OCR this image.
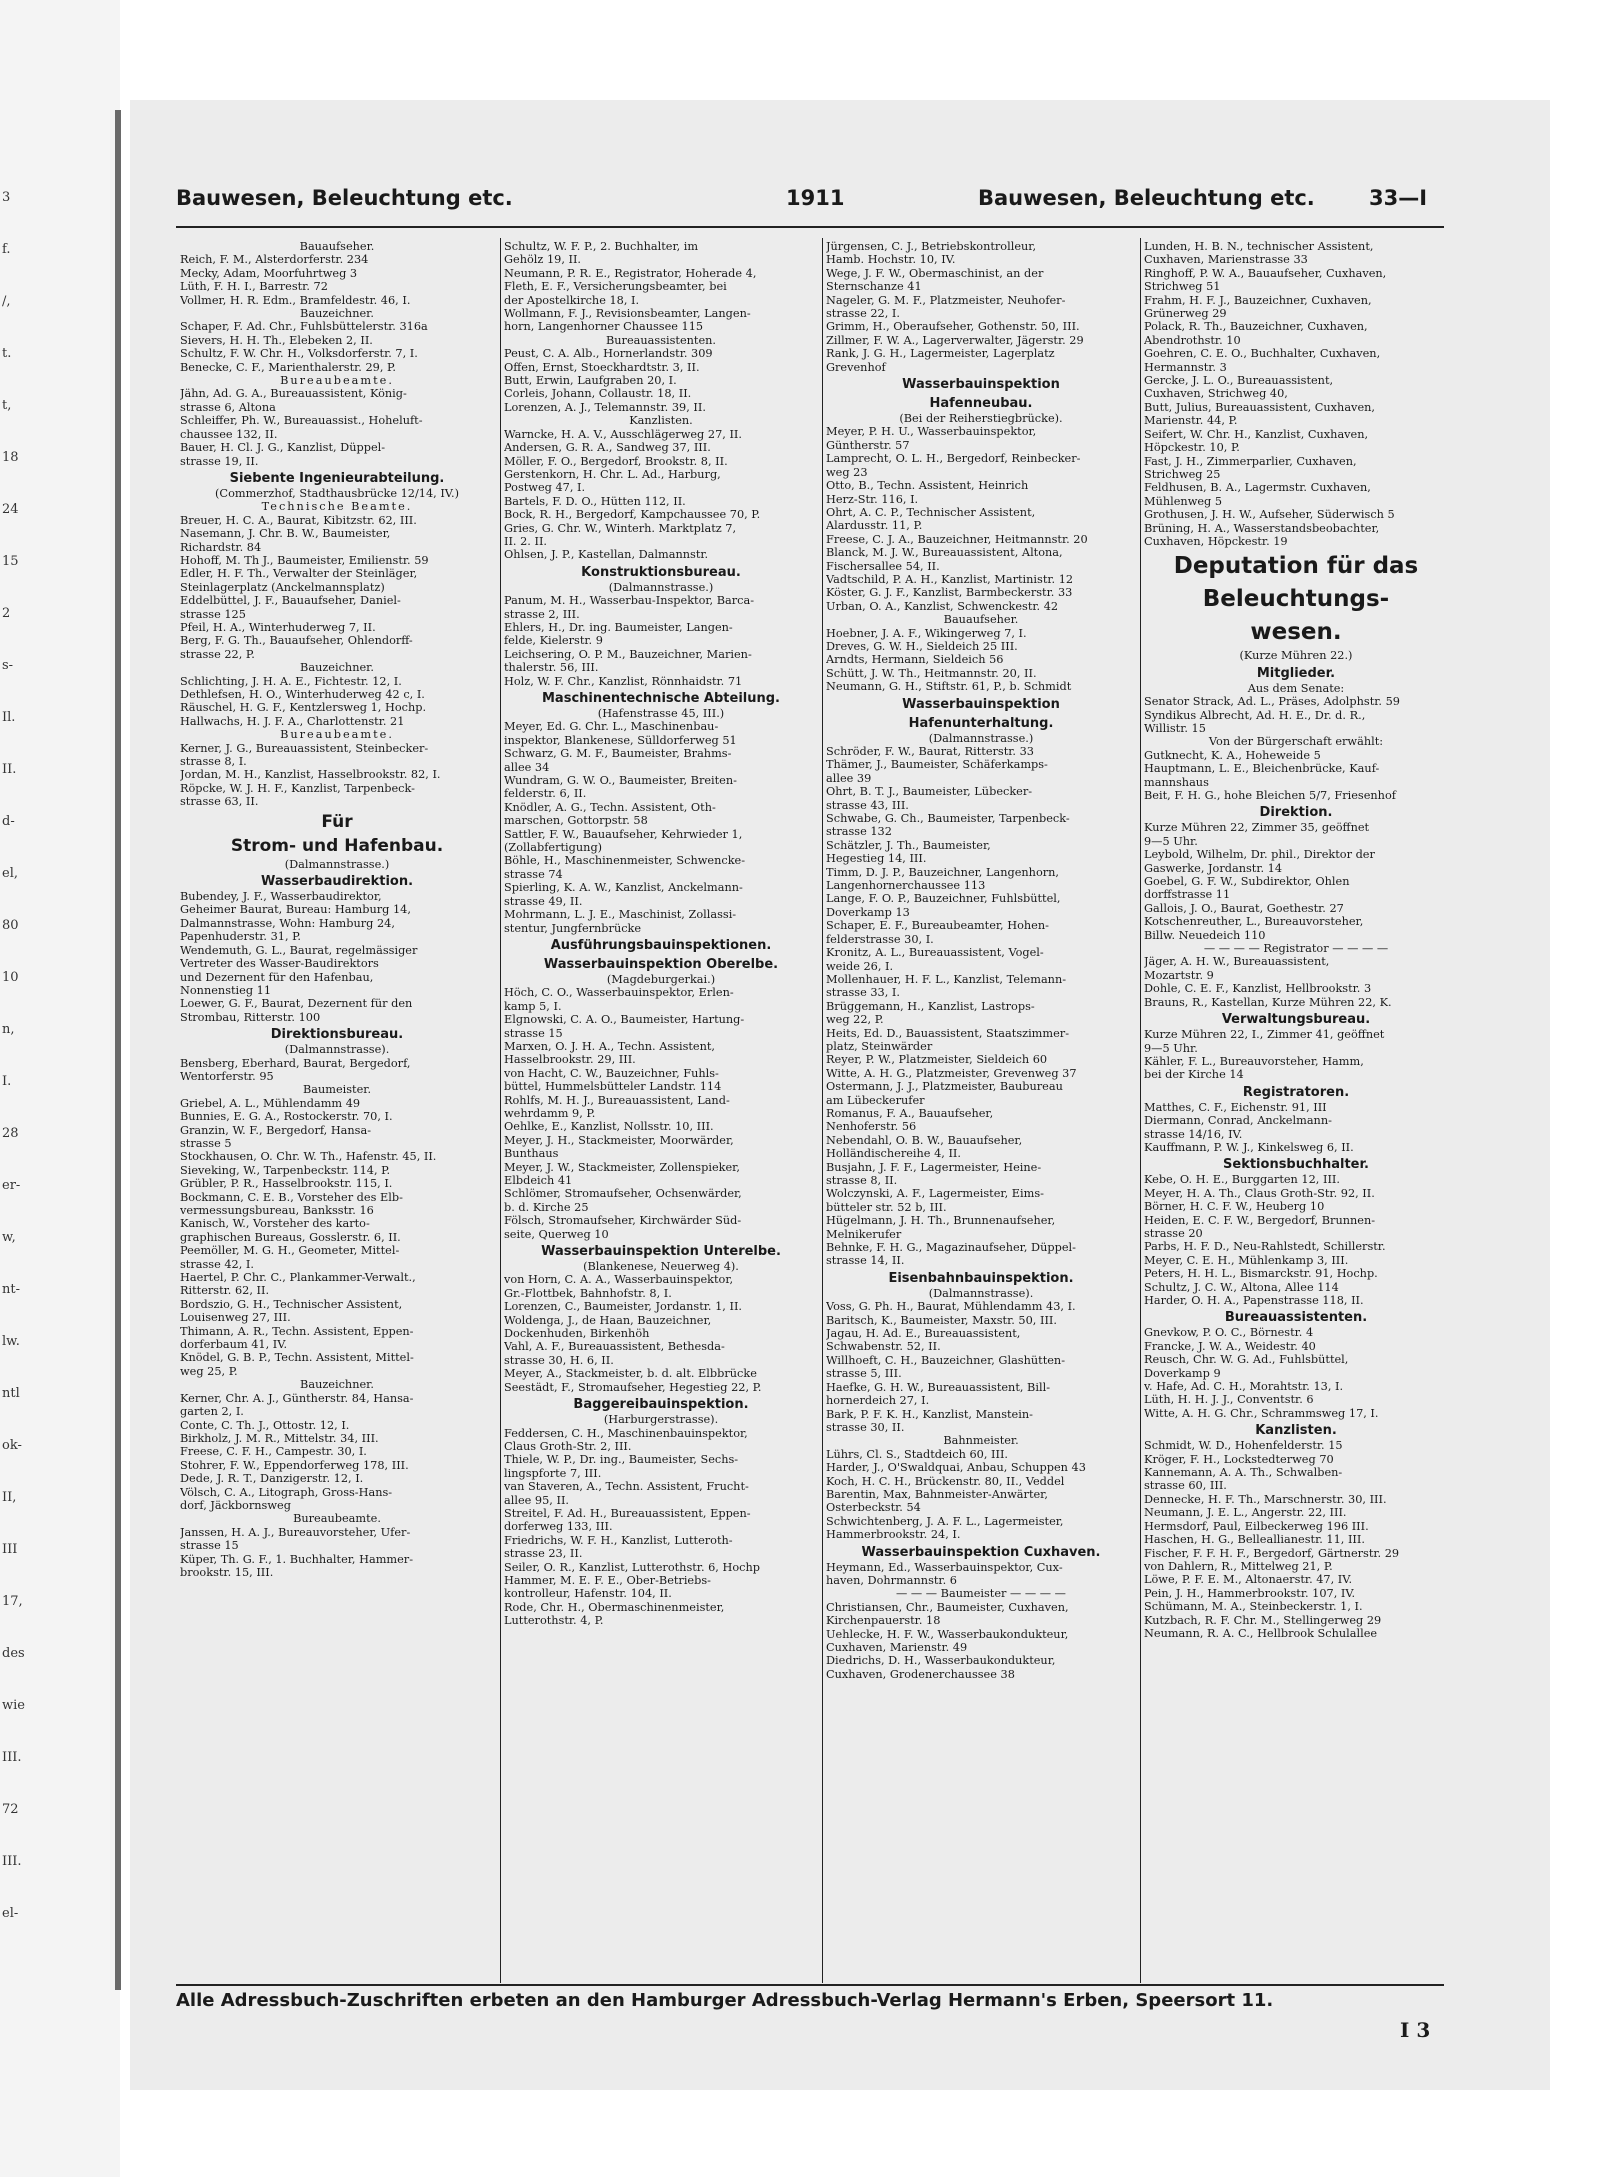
3
f.
/,
t.
t,
18
24
15
2
s-
Il.
II.
d-
el,
80
10
n,
I.
28
er-
w,
nt-
lw.
ntl
ok-
II,
III
17,
des
wie
III.
72
III.
el-
Bauwesen, Beleuchtung etc.	1911	Bauwesen, Beleuchtung etc.	33—I
Bauaufseher.
Reich, F. M., Alsterdorferstr. 234
Mecky, Adam, Moorfuhrtweg 3
Lüth, F. H. I., Barrestr. 72
Vollmer, H. R. Edm., Bramfeldestr. 46, I.
Bauzeichner.
Schaper, F. Ad. Chr., Fuhlsbüttelerstr. 316a
Sievers, H. H. Th., Elebeken 2, II.
Schultz, F. W. Chr. H., Volksdorferstr. 7, I.
Benecke, C. F., Marienthalerstr. 29, P.
Bureaubeamte.
Jähn, Ad. G. A., Bureauassistent, König-
strasse 6, Altona
Schleiffer, Ph. W., Bureauassist., Hoheluft-
chaussee 132, II.
Bauer, H. Cl. J. G., Kanzlist, Düppel-
strasse 19, II.
Siebente Ingenieurabteilung.
(Commerzhof, Stadthausbrücke 12/14, IV.)
Technische Beamte.
Breuer, H. C. A., Baurat, Kibitzstr. 62, III.
Nasemann, J. Chr. B. W., Baumeister,
Richardstr. 84
Hohoff, M. Th J., Baumeister, Emilienstr. 59
Edler, H. F. Th., Verwalter der Steinläger,
Steinlagerplatz (Anckelmannsplatz)
Eddelbüttel, J. F., Bauaufseher, Daniel-
strasse 125
Pfeil, H. A., Winterhuderweg 7, II.
Berg, F. G. Th., Bauaufseher, Ohlendorff-
strasse 22, P.
Bauzeichner.
Schlichting, J. H. A. E., Fichtestr. 12, I.
Dethlefsen, H. O., Winterhuderweg 42 c, I.
Räuschel, H. G. F., Kentzlersweg 1, Hochp.
Hallwachs, H. J. F. A., Charlottenstr. 21
Bureaubeamte.
Kerner, J. G., Bureauassistent, Steinbecker-
strasse 8, I.
Jordan, M. H., Kanzlist, Hasselbrookstr. 82, I.
Röpcke, W. J. H. F., Kanzlist, Tarpenbeck-
strasse 63, II.
Für
Strom- und Hafenbau.
(Dalmannstrasse.)
Wasserbaudirektion.
Bubendey, J. F., Wasserbaudirektor,
Geheimer Baurat, Bureau: Hamburg 14,
Dalmannstrasse, Wohn: Hamburg 24,
Papenhuderstr. 31, P.
Wendemuth, G. L., Baurat, regelmässiger
Vertreter des Wasser-Baudirektors
und Dezernent für den Hafenbau,
Nonnenstieg 11
Loewer, G. F., Baurat, Dezernent für den
Strombau, Ritterstr. 100
Direktionsbureau.
(Dalmannstrasse).
Bensberg, Eberhard, Baurat, Bergedorf,
Wentorferstr. 95
Baumeister.
Griebel, A. L., Mühlendamm 49
Bunnies, E. G. A., Rostockerstr. 70, I.
Granzin, W. F., Bergedorf, Hansa-
strasse 5
Stockhausen, O. Chr. W. Th., Hafenstr. 45, II.
Sieveking, W., Tarpenbeckstr. 114, P.
Grübler, P. R., Hasselbrookstr. 115, I.
Bockmann, C. E. B., Vorsteher des Elb-
vermessungsbureau, Banksstr. 16
Kanisch, W., Vorsteher des karto-
graphischen Bureaus, Gosslerstr. 6, II.
Peemöller, M. G. H., Geometer, Mittel-
strasse 42, I.
Haertel, P. Chr. C., Plankammer-Verwalt.,
Ritterstr. 62, II.
Bordszio, G. H., Technischer Assistent,
Louisenweg 27, III.
Thimann, A. R., Techn. Assistent, Eppen-
dorferbaum 41, IV.
Knödel, G. B. P., Techn. Assistent, Mittel-
weg 25, P.
Bauzeichner.
Kerner, Chr. A. J., Güntherstr. 84, Hansa-
garten 2, I.
Conte, C. Th. J., Ottostr. 12, I.
Birkholz, J. M. R., Mittelstr. 34, III.
Freese, C. F. H., Campestr. 30, I.
Stohrer, F. W., Eppendorferweg 178, III.
Dede, J. R. T., Danzigerstr. 12, I.
Völsch, C. A., Litograph, Gross-Hans-
dorf, Jäckbornsweg
Bureaubeamte.
Janssen, H. A. J., Bureauvorsteher, Ufer-
strasse 15
Küper, Th. G. F., 1. Buchhalter, Hammer-
brookstr. 15, III.
Schultz, W. F. P., 2. Buchhalter, im
Gehölz 19, II.
Neumann, P. R. E., Registrator, Hoherade 4,
Fleth, E. F., Versicherungsbeamter, bei
der Apostelkirche 18, I.
Wollmann, F. J., Revisionsbeamter, Langen-
horn, Langenhorner Chaussee 115
Bureauassistenten.
Peust, C. A. Alb., Hornerlandstr. 309
Offen, Ernst, Stoeckhardtstr. 3, II.
Butt, Erwin, Laufgraben 20, I.
Corleis, Johann, Collaustr. 18, II.
Lorenzen, A. J., Telemannstr. 39, II.
Kanzlisten.
Warncke, H. A. V., Ausschlägerweg 27, II.
Andersen, G. R. A., Sandweg 37, III.
Möller, F. O., Bergedorf, Brookstr. 8, II.
Gerstenkorn, H. Chr. L. Ad., Harburg,
Postweg 47, I.
Bartels, F. D. O., Hütten 112, II.
Bock, R. H., Bergedorf, Kampchaussee 70, P.
Gries, G. Chr. W., Winterh. Marktplatz 7,
II. 2. II.
Ohlsen, J. P., Kastellan, Dalmannstr.
Konstruktionsbureau.
(Dalmannstrasse.)
Panum, M. H., Wasserbau-Inspektor, Barca-
strasse 2, III.
Ehlers, H., Dr. ing. Baumeister, Langen-
felde, Kielerstr. 9
Leichsering, O. P. M., Bauzeichner, Marien-
thalerstr. 56, III.
Holz, W. F. Chr., Kanzlist, Rönnhaidstr. 71
Maschinentechnische Abteilung.
(Hafenstrasse 45, III.)
Meyer, Ed. G. Chr. L., Maschinenbau-
inspektor, Blankenese, Sülldorferweg 51
Schwarz, G. M. F., Baumeister, Brahms-
allee 34
Wundram, G. W. O., Baumeister, Breiten-
felderstr. 6, II.
Knödler, A. G., Techn. Assistent, Oth-
marschen, Gottorpstr. 58
Sattler, F. W., Bauaufseher, Kehrwieder 1,
(Zollabfertigung)
Böhle, H., Maschinenmeister, Schwencke-
strasse 74
Spierling, K. A. W., Kanzlist, Anckelmann-
strasse 49, II.
Mohrmann, L. J. E., Maschinist, Zollassi-
stentur, Jungfernbrücke
Ausführungsbauinspektionen.
Wasserbauinspektion Oberelbe.
(Magdeburgerkai.)
Höch, C. O., Wasserbauinspektor, Erlen-
kamp 5, I.
Elgnowski, C. A. O., Baumeister, Hartung-
strasse 15
Marxen, O. J. H. A., Techn. Assistent,
Hasselbrookstr. 29, III.
von Hacht, C. W., Bauzeichner, Fuhls-
büttel, Hummelsbütteler Landstr. 114
Rohlfs, M. H. J., Bureauassistent, Land-
wehrdamm 9, P.
Oehlke, E., Kanzlist, Nollsstr. 10, III.
Meyer, J. H., Stackmeister, Moorwärder,
Bunthaus
Meyer, J. W., Stackmeister, Zollenspieker,
Elbdeich 41
Schlömer, Stromaufseher, Ochsenwärder,
b. d. Kirche 25
Fölsch, Stromaufseher, Kirchwärder Süd-
seite, Querweg 10
Wasserbauinspektion Unterelbe.
(Blankenese, Neuerweg 4).
von Horn, C. A. A., Wasserbauinspektor,
Gr.-Flottbek, Bahnhofstr. 8, I.
Lorenzen, C., Baumeister, Jordanstr. 1, II.
Woldenga, J., de Haan, Bauzeichner,
Dockenhuden, Birkenhöh
Vahl, A. F., Bureauassistent, Bethesda-
strasse 30, H. 6, II.
Meyer, A., Stackmeister, b. d. alt. Elbbrücke
Seestädt, F., Stromaufseher, Hegestieg 22, P.
Baggereibauinspektion.
(Harburgerstrasse).
Feddersen, C. H., Maschinenbauinspektor,
Claus Groth-Str. 2, III.
Thiele, W. P., Dr. ing., Baumeister, Sechs-
lingspforte 7, III.
van Staveren, A., Techn. Assistent, Frucht-
allee 95, II.
Streitel, F. Ad. H., Bureauassistent, Eppen-
dorferweg 133, III.
Friedrichs, W. F. H., Kanzlist, Lutteroth-
strasse 23, II.
Seiler, O. R., Kanzlist, Lutterothstr. 6, Hochp
Hammer, M. E. F. E., Ober-Betriebs-
kontrolleur, Hafenstr. 104, II.
Rode, Chr. H., Obermaschinenmeister,
Lutterothstr. 4, P.
Jürgensen, C. J., Betriebskontrolleur,
Hamb. Hochstr. 10, IV.
Wege, J. F. W., Obermaschinist, an der
Sternschanze 41
Nageler, G. M. F., Platzmeister, Neuhofer-
strasse 22, I.
Grimm, H., Oberaufseher, Gothenstr. 50, III.
Zillmer, F. W. A., Lagerverwalter, Jägerstr. 29
Rank, J. G. H., Lagermeister, Lagerplatz
Grevenhof
Wasserbauinspektion
Hafenneubau.
(Bei der Reiherstiegbrücke).
Meyer, P. H. U., Wasserbauinspektor,
Güntherstr. 57
Lamprecht, O. L. H., Bergedorf, Reinbecker-
weg 23
Otto, B., Techn. Assistent, Heinrich
Herz-Str. 116, I.
Ohrt, A. C. P., Technischer Assistent,
Alardusstr. 11, P.
Freese, C. J. A., Bauzeichner, Heitmannstr. 20
Blanck, M. J. W., Bureauassistent, Altona,
Fischersallee 54, II.
Vadtschild, P. A. H., Kanzlist, Martinistr. 12
Köster, G. J. F., Kanzlist, Barmbeckerstr. 33
Urban, O. A., Kanzlist, Schwenckestr. 42
Bauaufseher.
Hoebner, J. A. F., Wikingerweg 7, I.
Dreves, G. W. H., Sieldeich 25 III.
Arndts, Hermann, Sieldeich 56
Schütt, J. W. Th., Heitmannstr. 20, II.
Neumann, G. H., Stiftstr. 61, P., b. Schmidt
Wasserbauinspektion
Hafenunterhaltung.
(Dalmannstrasse.)
Schröder, F. W., Baurat, Ritterstr. 33
Thämer, J., Baumeister, Schäferkamps-
allee 39
Ohrt, B. T. J., Baumeister, Lübecker-
strasse 43, III.
Schwabe, G. Ch., Baumeister, Tarpenbeck-
strasse 132
Schätzler, J. Th., Baumeister,
Hegestieg 14, III.
Timm, D. J. P., Bauzeichner, Langenhorn,
Langenhornerchaussee 113
Lange, F. O. P., Bauzeichner, Fuhlsbüttel,
Doverkamp 13
Schaper, E. F., Bureaubeamter, Hohen-
felderstrasse 30, I.
Kronitz, A. L., Bureauassistent, Vogel-
weide 26, I.
Mollenhauer, H. F. L., Kanzlist, Telemann-
strasse 33, I.
Brüggemann, H., Kanzlist, Lastrops-
weg 22, P.
Heits, Ed. D., Bauassistent, Staatszimmer-
platz, Steinwärder
Reyer, P. W., Platzmeister, Sieldeich 60
Witte, A. H. G., Platzmeister, Grevenweg 37
Ostermann, J. J., Platzmeister, Baubureau
am Lübeckerufer
Romanus, F. A., Bauaufseher,
Nenhoferstr. 56
Nebendahl, O. B. W., Bauaufseher,
Holländischereihe 4, II.
Busjahn, J. F. F., Lagermeister, Heine-
strasse 8, II.
Wolczynski, A. F., Lagermeister, Eims-
bütteler str. 52 b, III.
Hügelmann, J. H. Th., Brunnenaufseher,
Melnikerufer
Behnke, F. H. G., Magazinaufseher, Düppel-
strasse 14, II.
Eisenbahnbauinspektion.
(Dalmannstrasse).
Voss, G. Ph. H., Baurat, Mühlendamm 43, I.
Baritsch, K., Baumeister, Maxstr. 50, III.
Jagau, H. Ad. E., Bureauassistent,
Schwabenstr. 52, II.
Willhoeft, C. H., Bauzeichner, Glashütten-
strasse 5, III.
Haefke, G. H. W., Bureauassistent, Bill-
hornerdeich 27, I.
Bark, P. F. K. H., Kanzlist, Manstein-
strasse 30, II.
Bahnmeister.
Lührs, Cl. S., Stadtdeich 60, III.
Harder, J., O'Swaldquai, Anbau, Schuppen 43
Koch, H. C. H., Brückenstr. 80, II., Veddel
Barentin, Max, Bahnmeister-Anwärter,
Osterbeckstr. 54
Schwichtenberg, J. A. F. L., Lagermeister,
Hammerbrookstr. 24, I.
Wasserbauinspektion Cuxhaven.
Heymann, Ed., Wasserbauinspektor, Cux-
haven, Dohrmannstr. 6
— — — Baumeister — — — —
Christiansen, Chr., Baumeister, Cuxhaven,
Kirchenpauerstr. 18
Uehlecke, H. F. W., Wasserbaukondukteur,
Cuxhaven, Marienstr. 49
Diedrichs, D. H., Wasserbaukondukteur,
Cuxhaven, Grodenerchaussee 38
Lunden, H. B. N., technischer Assistent,
Cuxhaven, Marienstrasse 33
Ringhoff, P. W. A., Bauaufseher, Cuxhaven,
Strichweg 51
Frahm, H. F. J., Bauzeichner, Cuxhaven,
Grünerweg 29
Polack, R. Th., Bauzeichner, Cuxhaven,
Abendrothstr. 10
Goehren, C. E. O., Buchhalter, Cuxhaven,
Hermannstr. 3
Gercke, J. L. O., Bureauassistent,
Cuxhaven, Strichweg 40,
Butt, Julius, Bureauassistent, Cuxhaven,
Marienstr. 44, P.
Seifert, W. Chr. H., Kanzlist, Cuxhaven,
Höpckestr. 10, P.
Fast, J. H., Zimmerparlier, Cuxhaven,
Strichweg 25
Feldhusen, B. A., Lagermstr. Cuxhaven,
Mühlenweg 5
Grothusen, J. H. W., Aufseher, Süderwisch 5
Brüning, H. A., Wasserstandsbeobachter,
Cuxhaven, Höpckestr. 19
Deputation für das
Beleuchtungs-
wesen.
(Kurze Mühren 22.)
Mitglieder.
Aus dem Senate:
Senator Strack, Ad. L., Präses, Adolphstr. 59
Syndikus Albrecht, Ad. H. E., Dr. d. R.,
Willistr. 15
Von der Bürgerschaft erwählt:
Gutknecht, K. A., Hoheweide 5
Hauptmann, L. E., Bleichenbrücke, Kauf-
mannshaus
Beit, F. H. G., hohe Bleichen 5/7, Friesenhof
Direktion.
Kurze Mühren 22, Zimmer 35, geöffnet
9—5 Uhr.
Leybold, Wilhelm, Dr. phil., Direktor der
Gaswerke, Jordanstr. 14
Goebel, G. F. W., Subdirektor, Ohlen
dorffstrasse 11
Gallois, J. O., Baurat, Goethestr. 27
Kotschenreuther, L., Bureauvorsteher,
Billw. Neuedeich 110
— — — — Registrator — — — —
Jäger, A. H. W., Bureauassistent,
Mozartstr. 9
Dohle, C. E. F., Kanzlist, Hellbrookstr. 3
Brauns, R., Kastellan, Kurze Mühren 22, K.
Verwaltungsbureau.
Kurze Mühren 22, I., Zimmer 41, geöffnet
9—5 Uhr.
Kähler, F. L., Bureauvorsteher, Hamm,
bei der Kirche 14
Registratoren.
Matthes, C. F., Eichenstr. 91, III
Diermann, Conrad, Anckelmann-
strasse 14/16, IV.
Kauffmann, P. W. J., Kinkelsweg 6, II.
Sektionsbuchhalter.
Kebe, O. H. E., Burggarten 12, III.
Meyer, H. A. Th., Claus Groth-Str. 92, II.
Börner, H. C. F. W., Heuberg 10
Heiden, E. C. F. W., Bergedorf, Brunnen-
strasse 20
Parbs, H. F. D., Neu-Rahlstedt, Schillerstr.
Meyer, C. E. H., Mühlenkamp 3, III.
Peters, H. H. L., Bismarckstr. 91, Hochp.
Schultz, J. C. W., Altona, Allee 114
Harder, O. H. A., Papenstrasse 118, II.
Bureauassistenten.
Gnevkow, P. O. C., Börnestr. 4
Francke, J. W. A., Weidestr. 40
Reusch, Chr. W. G. Ad., Fuhlsbüttel,
Doverkamp 9
v. Hafe, Ad. C. H., Morahtstr. 13, I.
Lüth, H. H. J. J., Conventstr. 6
Witte, A. H. G. Chr., Schrammsweg 17, I.
Kanzlisten.
Schmidt, W. D., Hohenfelderstr. 15
Kröger, F. H., Lockstedterweg 70
Kannemann, A. A. Th., Schwalben-
strasse 60, III.
Dennecke, H. F. Th., Marschnerstr. 30, III.
Neumann, J. E. L., Angerstr. 22, III.
Hermsdorf, Paul, Eilbeckerweg 196 III.
Haschen, H. G., Belleallianestr. 11, III.
Fischer, F. F. H. F., Bergedorf, Gärtnerstr. 29
von Dahlern, R., Mittelweg 21, P.
Löwe, P. F. E. M., Altonaerstr. 47, IV.
Pein, J. H., Hammerbrookstr. 107, IV.
Schümann, M. A., Steinbeckerstr. 1, I.
Kutzbach, R. F. Chr. M., Stellingerweg 29
Neumann, R. A. C., Hellbrook Schulallee
Alle Adressbuch-Zuschriften erbeten an den Hamburger Adressbuch-Verlag Hermann's Erben, Speersort 11.
I 3
